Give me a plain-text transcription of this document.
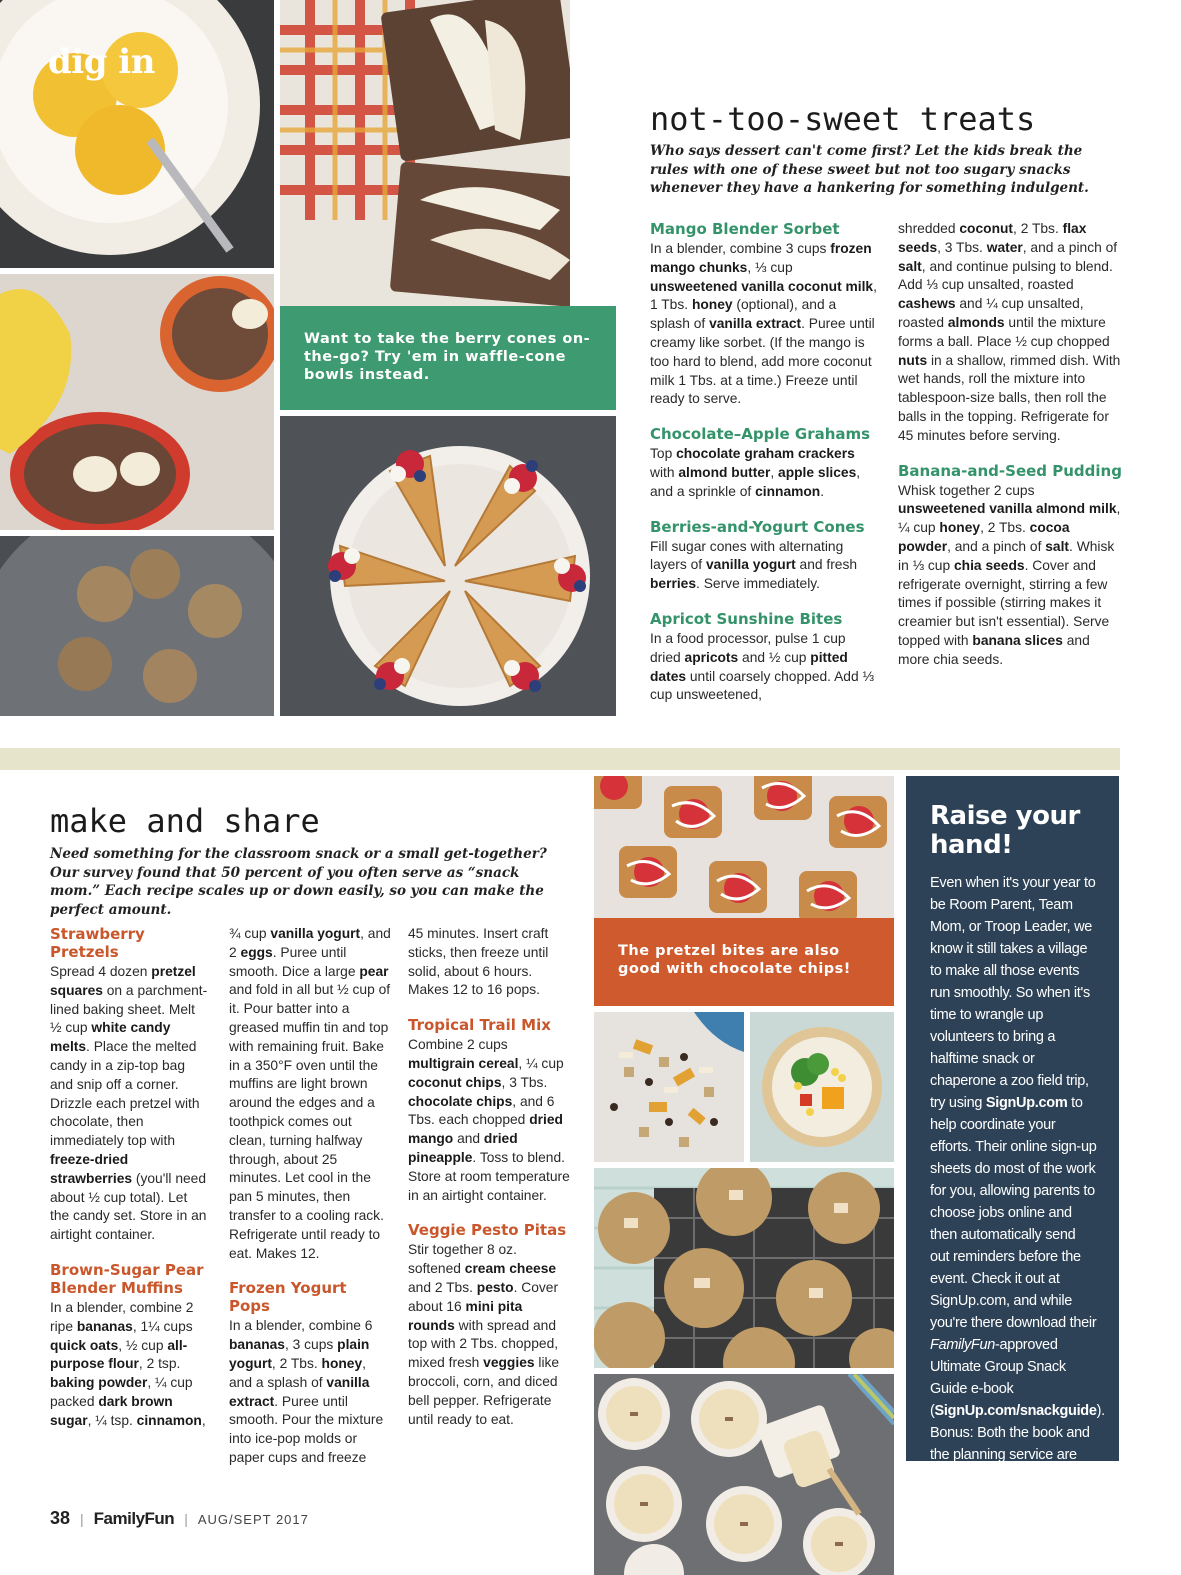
dig in
Want to take the berry cones on-the-go? Try 'em in waffle-cone bowls instead.
not-too-sweet treats
Who says dessert can't come first? Let the kids break the rules with one of these sweet but not too sugary snacks whenever they have a hankering for something indulgent.
Mango Blender Sorbet
In a blender, combine 3 cups frozen mango chunks, ⅓ cup unsweetened vanilla coconut milk, 1 Tbs. honey (optional), and a splash of vanilla extract. Puree until creamy like sorbet. (If the mango is too hard to blend, add more coconut milk 1 Tbs. at a time.) Freeze until ready to serve.
Chocolate–Apple Grahams
Top chocolate graham crackers with almond butter, apple slices, and a sprinkle of cinnamon.
Berries-and-Yogurt Cones
Fill sugar cones with alternating layers of vanilla yogurt and fresh berries. Serve immediately.
Apricot Sunshine Bites
In a food processor, pulse 1 cup dried apricots and ½ cup pitted dates until coarsely chopped. Add ⅓ cup unsweetened,
shredded coconut, 2 Tbs. flax seeds, 3 Tbs. water, and a pinch of salt, and continue pulsing to blend. Add ⅓ cup unsalted, roasted cashews and ¼ cup unsalted, roasted almonds until the mixture forms a ball. Place ½ cup chopped nuts in a shallow, rimmed dish. With wet hands, roll the mixture into tablespoon-size balls, then roll the balls in the topping. Refrigerate for 45 minutes before serving.
Banana-and-Seed Pudding
Whisk together 2 cups unsweetened vanilla almond milk, ¼ cup honey, 2 Tbs. cocoa powder, and a pinch of salt. Whisk in ⅓ cup chia seeds. Cover and refrigerate overnight, stirring a few times if possible (stirring makes it creamier but isn't essential). Serve topped with banana slices and more chia seeds.
make and share
Need something for the classroom snack or a small get-together? Our survey found that 50 percent of you often serve as “snack mom.” Each recipe scales up or down easily, so you can make the perfect amount.
Strawberry Pretzels
Spread 4 dozen pretzel squares on a parchment-lined baking sheet. Melt ½ cup white candy melts. Place the melted candy in a zip-top bag and snip off a corner. Drizzle each pretzel with chocolate, then immediately top with freeze-dried strawberries (you'll need about ½ cup total). Let the candy set. Store in an airtight container.
Brown-Sugar Pear Blender Muffins
In a blender, combine 2 ripe bananas, 1¼ cups quick oats, ½ cup all-purpose flour, 2 tsp. baking powder, ¼ cup packed dark brown sugar, ¼ tsp. cinnamon,
¾ cup vanilla yogurt, and 2 eggs. Puree until smooth. Dice a large pear and fold in all but ½ cup of it. Pour batter into a greased muffin tin and top with remaining fruit. Bake in a 350°F oven until the muffins are light brown around the edges and a toothpick comes out clean, turning halfway through, about 25 minutes. Let cool in the pan 5 minutes, then transfer to a cooling rack. Refrigerate until ready to eat. Makes 12.
Frozen Yogurt Pops
In a blender, combine 6 bananas, 3 cups plain yogurt, 2 Tbs. honey, and a splash of vanilla extract. Puree until smooth. Pour the mixture into ice-pop molds or paper cups and freeze
45 minutes. Insert craft sticks, then freeze until solid, about 6 hours. Makes 12 to 16 pops.
Tropical Trail Mix
Combine 2 cups multigrain cereal, ¼ cup coconut chips, 3 Tbs. chocolate chips, and 6 Tbs. each chopped dried mango and dried pineapple. Toss to blend. Store at room temperature in an airtight container.
Veggie Pesto Pitas
Stir together 8 oz. softened cream cheese and 2 Tbs. pesto. Cover about 16 mini pita rounds with spread and top with 2 Tbs. chopped, mixed fresh veggies like broccoli, corn, and diced bell pepper. Refrigerate until ready to eat.
The pretzel bites are also good with chocolate chips!
Raise your hand!

Even when it's your year to be Room Parent, Team Mom, or Troop Leader, we know it still takes a village to make all those events run smoothly. So when it's time to wrangle up volunteers to bring a halftime snack or chaperone a zoo field trip, try using SignUp.com to help coordinate your efforts. Their online sign-up sheets do most of the work for you, allowing parents to choose jobs online and then automatically send out reminders before the event. Check it out at SignUp.com, and while you're there download their FamilyFun-approved Ultimate Group Snack Guide e-book (SignUp.com/snackguide). Bonus: Both the book and the planning service are totally free. Happy planning!

38 | FamilyFun | AUG/SEPT 2017
